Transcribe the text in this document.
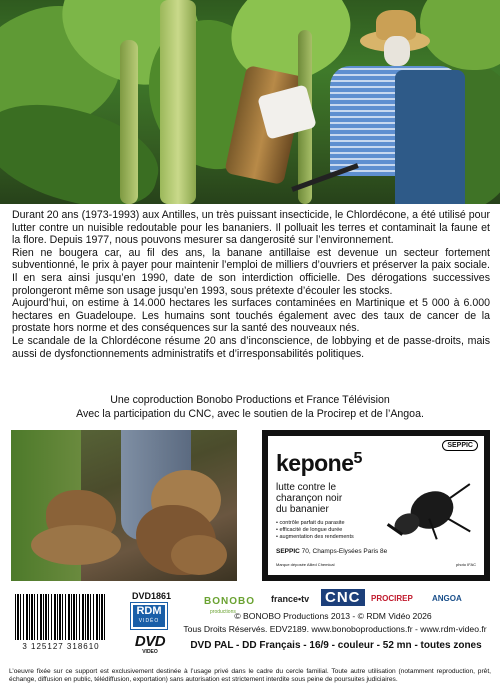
Durant 20 ans (1973-1993) aux Antilles, un très puissant insecticide, le Chlordécone, a été utilisé pour lutter contre un nuisible redoutable pour les bananiers. Il polluait les terres et contaminait la faune et la flore. Depuis 1977, nous pouvons mesurer sa dangerosité sur l’environnement.

Rien ne bougera car, au fil des ans, la banane antillaise est devenue un secteur fortement subventionné, le prix à payer pour maintenir l’emploi de milliers d’ouvriers et préserver la paix sociale. Il en sera ainsi jusqu’en 1990, date de son interdiction officielle. Des dérogations successives prolongeront même son usage jusqu’en 1993, sous prétexte d’écouler les stocks.

Aujourd’hui, on estime à 14.000 hectares les surfaces contaminées en Martinique et 5 000 à 6.000 hectares en Guadeloupe. Les humains sont touchés également avec des taux de cancer de la prostate hors norme et des conséquences sur la santé des nouveaux nés.

Le scandale de la Chlordécone résume 20 ans d’inconscience, de lobbying et de passe-droits, mais aussi de dysfonctionnements administratifs et d’irresponsabilités politiques.

Une coproduction Bonobo Productions et France Télévision
Avec la participation du CNC, avec le soutien de la Procirep et de l’Angoa.
kepone$^5$
SEPPIC
lutte contre le
charançon noir
du bananier
• contrôle parfait du parasite
• efficacité de longue durée
• augmentation des rendements
SEPPIC 70, Champs-Elysées Paris 8e
Marque déposée Allied Chemical	photo IFAC
3 125127 318610
DVD1861
RDM
VIDÉO
DVD
VIDEO
BONOBO
productions
france•tv CNC	PROCIREP ANGOA
© BONOBO Productions 2013 - © RDM Vidéo 2026
Tous Droits Réservés. EDV2189. www.bonoboproductions.fr - www.rdm-video.fr
DVD PAL - DD Français - 16/9 - couleur - 52 mn - toutes zones
L’oeuvre fixée sur ce support est exclusivement destinée à l’usage privé dans le cadre du cercle familial. Toute autre utilisation (notamment reproduction, prêt, échange, diffusion en public, télédiffusion, exportation) sans autorisation est strictement interdite sous peine de poursuites judiciaires.
